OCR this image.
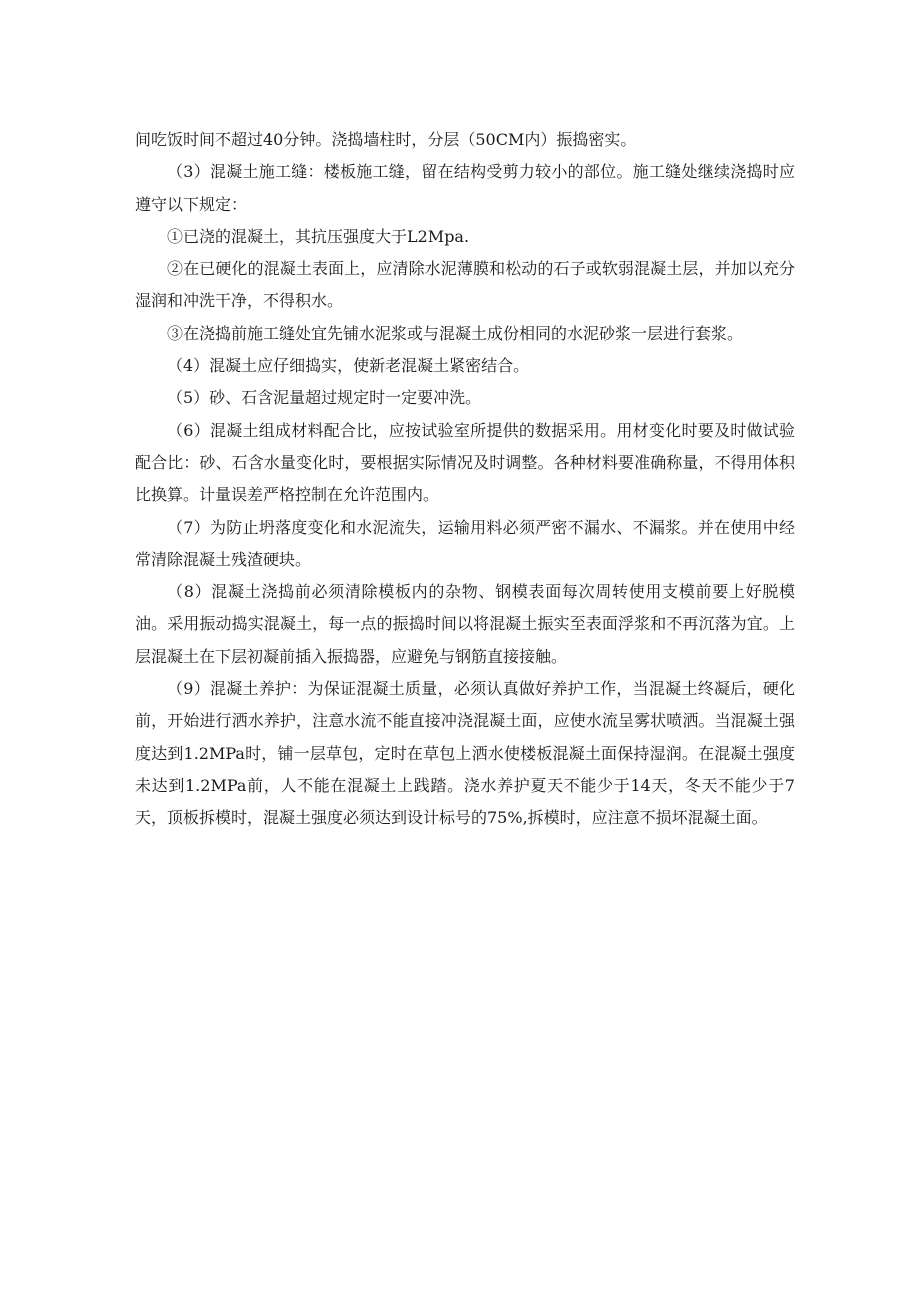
间吃饭时间不超过40分钟。浇捣墙柱时，分层（50CM内）振捣密实。

（3）混凝土施工缝：楼板施工缝，留在结构受剪力较小的部位。施工缝处继续浇捣时应遵守以下规定：

①已浇的混凝土，其抗压强度大于L2Mpa.

②在已硬化的混凝土表面上，应清除水泥薄膜和松动的石子或软弱混凝土层，并加以充分湿润和冲洗干净，不得积水。

③在浇捣前施工缝处宜先铺水泥浆或与混凝土成份相同的水泥砂浆一层进行套浆。

（4）混凝土应仔细捣实，使新老混凝土紧密结合。

（5）砂、石含泥量超过规定时一定要冲洗。

（6）混凝土组成材料配合比，应按试验室所提供的数据采用。用材变化时要及时做试验配合比：砂、石含水量变化时，要根据实际情况及时调整。各种材料要准确称量，不得用体积比换算。计量误差严格控制在允许范围内。

（7）为防止坍落度变化和水泥流失，运输用料必须严密不漏水、不漏浆。并在使用中经常清除混凝土残渣硬块。

（8）混凝土浇捣前必须清除模板内的杂物、钢模表面每次周转使用支模前要上好脱模油。采用振动捣实混凝土，每一点的振捣时间以将混凝土振实至表面浮浆和不再沉落为宜。上层混凝土在下层初凝前插入振捣器，应避免与钢筋直接接触。

（9）混凝土养护：为保证混凝土质量，必须认真做好养护工作，当混凝土终凝后，硬化前，开始进行洒水养护，注意水流不能直接冲浇混凝土面，应使水流呈雾状喷洒。当混凝土强度达到1.2MPa时，铺一层草包，定时在草包上洒水使楼板混凝土面保持湿润。在混凝土强度未达到1.2MPa前，人不能在混凝土上践踏。浇水养护夏天不能少于14天，冬天不能少于7天，顶板拆模时，混凝土强度必须达到设计标号的75%,拆模时，应注意不损坏混凝土面。
